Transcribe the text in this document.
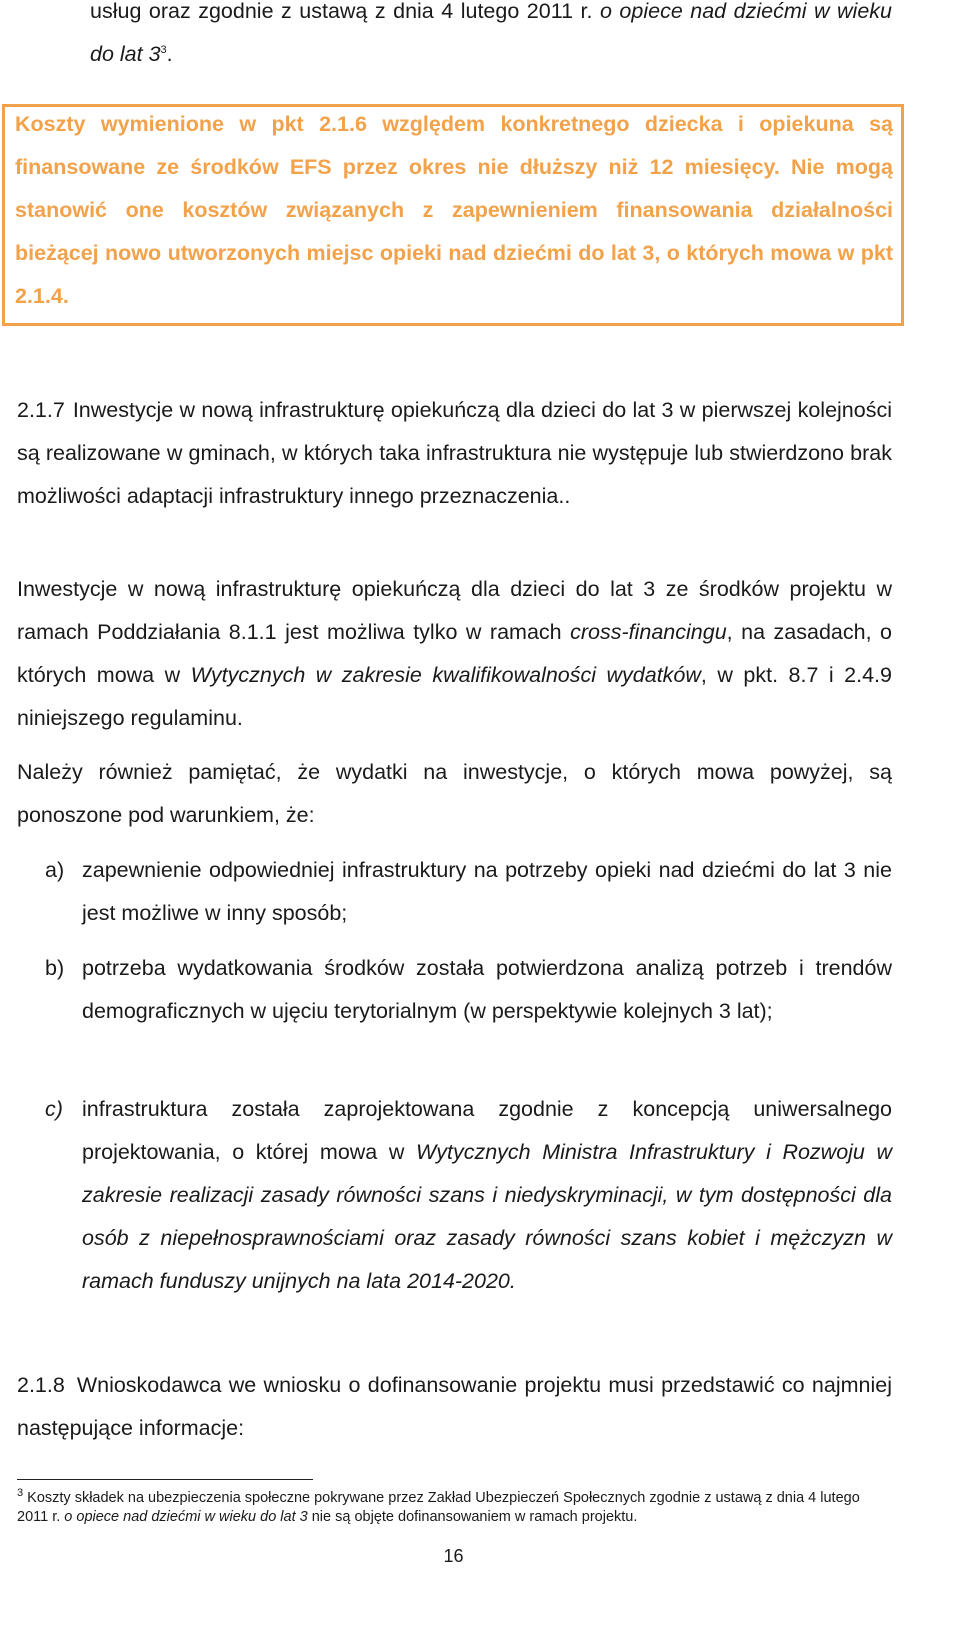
usług oraz zgodnie z ustawą z dnia 4 lutego 2011 r. o opiece nad dziećmi w wieku do lat $3^3$.

Koszty wymienione w pkt 2.1.6 względem konkretnego dziecka i opiekuna są finansowane ze środków EFS przez okres nie dłuższy niż 12 miesięcy. Nie mogą stanowić one kosztów związanych z zapewnieniem finansowania działalności bieżącej nowo utworzonych miejsc opieki nad dziećmi do lat 3, o których mowa w pkt 2.1.4.

2.1.7 Inwestycje w nową infrastrukturę opiekuńczą dla dzieci do lat 3 w pierwszej kolejności są realizowane w gminach, w których taka infrastruktura nie występuje lub stwierdzono brak możliwości adaptacji infrastruktury innego przeznaczenia..

Inwestycje w nową infrastrukturę opiekuńczą dla dzieci do lat 3 ze środków projektu w ramach Poddziałania 8.1.1 jest możliwa tylko w ramach cross-financingu, na zasadach, o których mowa w Wytycznych w zakresie kwalifikowalności wydatków, w pkt. 8.7 i 2.4.9 niniejszego regulaminu.

Należy również pamiętać, że wydatki na inwestycje, o których mowa powyżej, są ponoszone pod warunkiem, że:

a) zapewnienie odpowiedniej infrastruktury na potrzeby opieki nad dziećmi do lat 3 nie jest możliwe w inny sposób;
b) potrzeba wydatkowania środków została potwierdzona analizą potrzeb i trendów demograficznych w ujęciu terytorialnym (w perspektywie kolejnych 3 lat);
c) infrastruktura została zaprojektowana zgodnie z koncepcją uniwersalnego projektowania, o której mowa w Wytycznych Ministra Infrastruktury i Rozwoju w zakresie realizacji zasady równości szans i niedyskryminacji, w tym dostępności dla osób z niepełnosprawnościami oraz zasady równości szans kobiet i mężczyzn w ramach funduszy unijnych na lata 2014-2020.

2.1.8 Wnioskodawca we wniosku o dofinansowanie projektu musi przedstawić co najmniej następujące informacje:

$^3$ Koszty składek na ubezpieczenia społeczne pokrywane przez Zakład Ubezpieczeń Społecznych zgodnie z ustawą z dnia 4 lutego 2011 r. o opiece nad dziećmi w wieku do lat 3 nie są objęte dofinansowaniem w ramach projektu.

16
